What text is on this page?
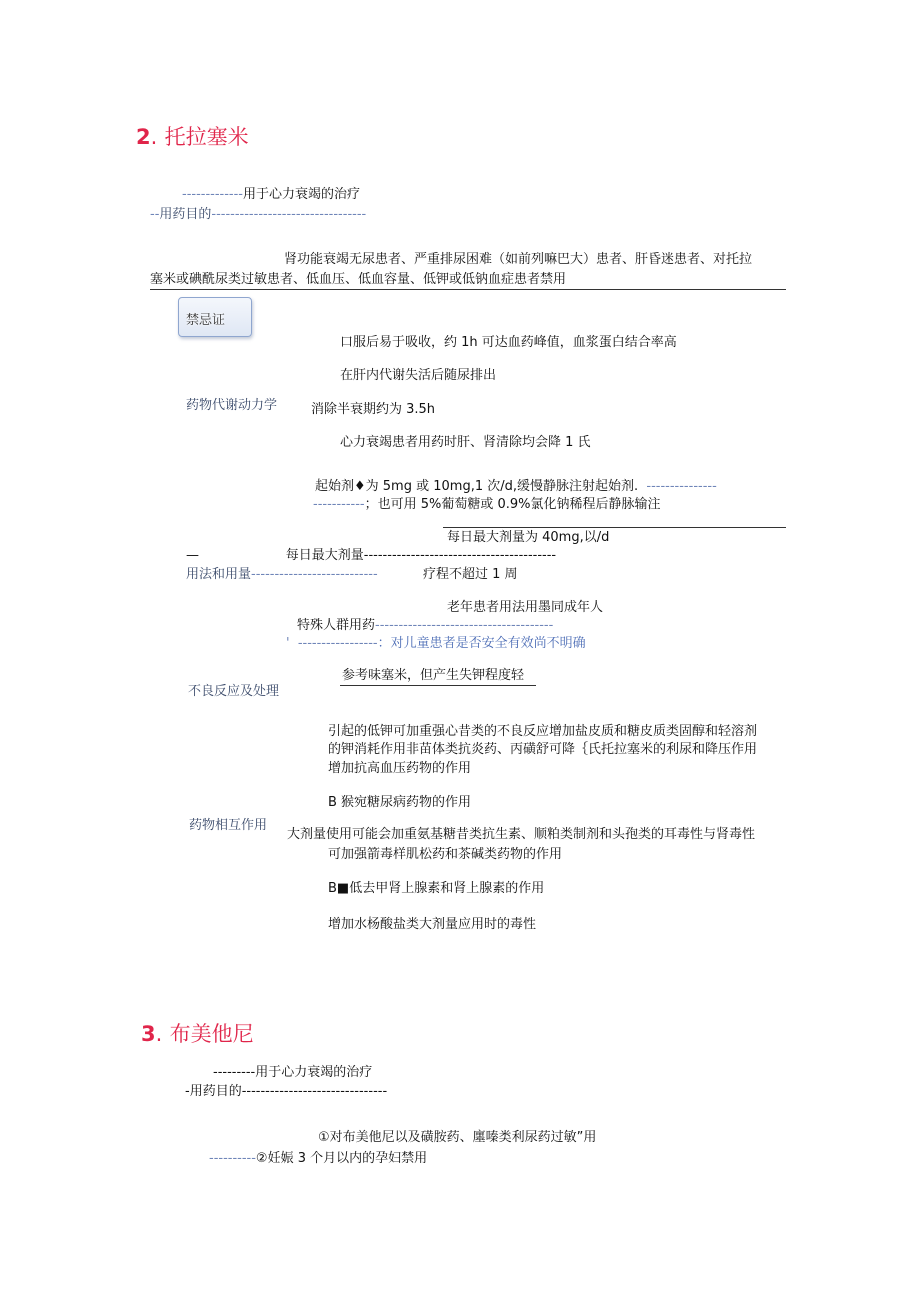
2. 托拉塞米
-------------用于心力衰竭的治疗
--用药目的---------------------------------
肾功能衰竭无尿患者、严重排尿困难（如前列嘛巴大）患者、肝昏迷患者、对托拉
塞米或碘酰尿类过敏患者、低血压、低血容量、低钾或低钠血症患者禁用
禁忌证
口服后易于吸收，约 1h 可达血药峰值，血浆蛋白结合率高
在肝内代谢失活后随尿排出
药物代谢动力学	消除半衰期约为 3.5h
心力衰竭患者用药时肝、肾清除均会降 1 氏
起始剂♦为 5mg 或 10mg,1 次/d,缓慢静脉注射起始剂.  ---------------
-----------；也可用 5%葡萄糖或 0.9%氯化钠稀程后静脉输注
每日最大剂量为 40mg,以/d
—                     每日最大剂量-----------------------------------------
用法和用量---------------------------	疗程不超过 1 周
老年患者用法用墨同成年人
特殊人群用药--------------------------------------
'  -----------------：对儿童患者是否安全有效尚不明确
参考味塞米，但产生失钾程度轻
不良反应及处理
引起的低钾可加重强心昔类的不良反应增加盐皮质和糖皮质类固醇和轻溶剂
的钾消耗作用非苗体类抗炎药、丙磺舒可降｛氏托拉塞米的利尿和降压作用
增加抗高血压药物的作用
B 猴宛糖尿病药物的作用
药物相互作用
大剂量使用可能会加重氨基糖昔类抗生素、顺粕类制剂和头孢类的耳毒性与肾毒性
可加强箭毒样肌松药和茶碱类药物的作用
B■低去甲肾上腺素和肾上腺素的作用
增加水杨酸盐类大剂量应用时的毒性
3. 布美他尼
---------用于心力衰竭的治疗
-用药目的-------------------------------
①对布美他尼以及磺胺药、廛嗪类利尿药过敏”用
----------②妊娠 3 个月以内的孕妇禁用
